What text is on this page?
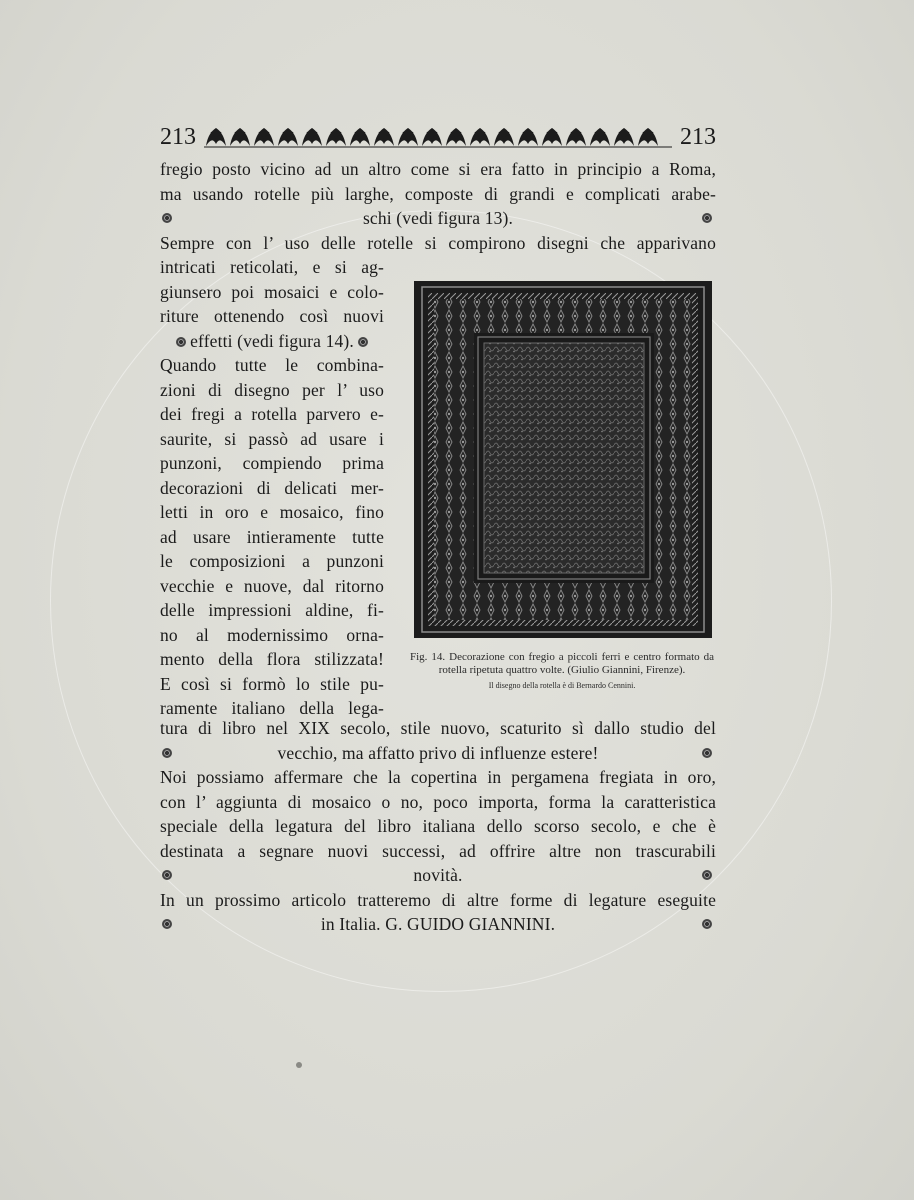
213	213
fregio posto vicino ad un altro come si era fatto in principio a Roma,
ma usando rotelle più larghe, composte di grandi e complicati arabe-
schi (vedi figura 13).
Sempre con l’ uso delle rotelle si compirono disegni che apparivano
intricati reticolati, e si ag-
giunsero poi mosaici e colo-
riture ottenendo così nuovi
effetti (vedi figura 14).
Quando tutte le combina-
zioni di disegno per l’ uso
dei fregi a rotella parvero e-
saurite, si passò ad usare i
punzoni, compiendo prima
decorazioni di delicati mer-
letti in oro e mosaico, fino
ad usare intieramente tutte
le composizioni a punzoni
vecchie e nuove, dal ritorno
delle impressioni aldine, fi-
no al modernissimo orna-
mento della flora stilizzata!
E così si formò lo stile pu-
ramente italiano della lega-
Fig. 14. Decorazione con fregio a piccoli ferri e centro formato da rotella ripetuta quattro volte. (Giulio Giannini, Firenze).
Il disegno della rotella è di Bernardo Cennini.
tura di libro nel XIX secolo, stile nuovo, scaturito sì dallo studio del
vecchio, ma affatto privo di influenze estere!
Noi possiamo affermare che la copertina in pergamena fregiata in oro,
con l’ aggiunta di mosaico o no, poco importa, forma la caratteristica
speciale della legatura del libro italiana dello scorso secolo, e che è
destinata a segnare nuovi successi, ad offrire altre non trascurabili
novità.
In un prossimo articolo tratteremo di altre forme di legature eseguite
in Italia. G. GUIDO GIANNINI.
